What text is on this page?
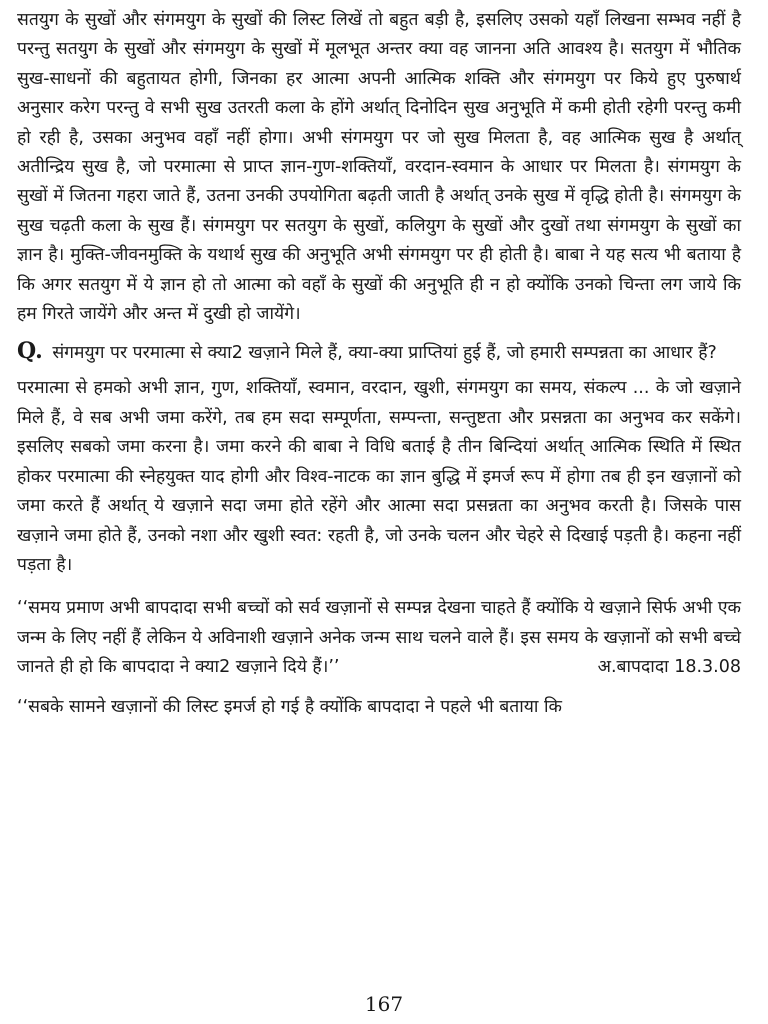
सतयुग के सुखों और संगमयुग के सुखों की लिस्ट लिखें तो बहुत बड़ी है, इसलिए उसको यहाँ लिखना सम्भव नहीं है परन्तु सतयुग के सुखों और संगमयुग के सुखों में मूलभूत अन्तर क्या वह जानना अति आवश्य है। सतयुग में भौतिक सुख-साधनों की बहुतायत होगी, जिनका हर आत्मा अपनी आत्मिक शक्ति और संगमयुग पर किये हुए पुरुषार्थ अनुसार करेग परन्तु वे सभी सुख उतरती कला के होंगे अर्थात् दिनोदिन सुख अनुभूति में कमी होती रहेगी परन्तु कमी हो रही है, उसका अनुभव वहाँ नहीं होगा। अभी संगमयुग पर जो सुख मिलता है, वह आत्मिक सुख है अर्थात् अतीन्द्रिय सुख है, जो परमात्मा से प्राप्त ज्ञान-गुण-शक्तियाँ, वरदान-स्वमान के आधार पर मिलता है। संगमयुग के सुखों में जितना गहरा जाते हैं, उतना उनकी उपयोगिता बढ़ती जाती है अर्थात् उनके सुख में वृद्धि होती है। संगमयुग के सुख चढ़ती कला के सुख हैं। संगमयुग पर सतयुग के सुखों, कलियुग के सुखों और दुखों तथा संगमयुग के सुखों का ज्ञान है। मुक्ति-जीवनमुक्ति के यथार्थ सुख की अनुभूति अभी संगमयुग पर ही होती है। बाबा ने यह सत्य भी बताया है कि अगर सतयुग में ये ज्ञान हो तो आत्मा को वहाँ के सुखों की अनुभूति ही न हो क्योंकि उनको चिन्ता लग जाये कि हम गिरते जायेंगे और अन्त में दुखी हो जायेंगे।

Q. संगमयुग पर परमात्मा से क्या2 खज़ाने मिले हैं, क्या-क्या प्राप्तियां हुई हैं, जो हमारी सम्पन्नता का आधार हैं?

परमात्मा से हमको अभी ज्ञान, गुण, शक्तियाँ, स्वमान, वरदान, खुशी, संगमयुग का समय, संकल्प ... के जो खज़ाने मिले हैं, वे सब अभी जमा करेंगे, तब हम सदा सम्पूर्णता, सम्पन्ता, सन्तुष्टता और प्रसन्नता का अनुभव कर सकेंगे। इसलिए सबको जमा करना है। जमा करने की बाबा ने विधि बताई है तीन बिन्दियां अर्थात् आत्मिक स्थिति में स्थित होकर परमात्मा की स्नेहयुक्त याद होगी और विश्व-नाटक का ज्ञान बुद्धि में इमर्ज रूप में होगा तब ही इन खज़ानों को जमा करते हैं अर्थात् ये खज़ाने सदा जमा होते रहेंगे और आत्मा सदा प्रसन्नता का अनुभव करती है। जिसके पास खज़ाने जमा होते हैं, उनको नशा और खुशी स्वत: रहती है, जो उनके चलन और चेहरे से दिखाई पड़ती है। कहना नहीं पड़ता है।

‘‘समय प्रमाण अभी बापदादा सभी बच्चों को सर्व खज़ानों से सम्पन्न देखना चाहते हैं क्योंकि ये खज़ाने सिर्फ अभी एक जन्म के लिए नहीं हैं लेकिन ये अविनाशी खज़ाने अनेक जन्म साथ चलने वाले हैं। इस समय के खज़ानों को सभी बच्चे जानते ही हो कि बापदादा ने क्या2 खज़ाने दिये हैं।’’	अ.बापदादा 18.3.08

‘‘सबके सामने खज़ानों की लिस्ट इमर्ज हो गई है क्योंकि बापदादा ने पहले भी बताया कि

167
